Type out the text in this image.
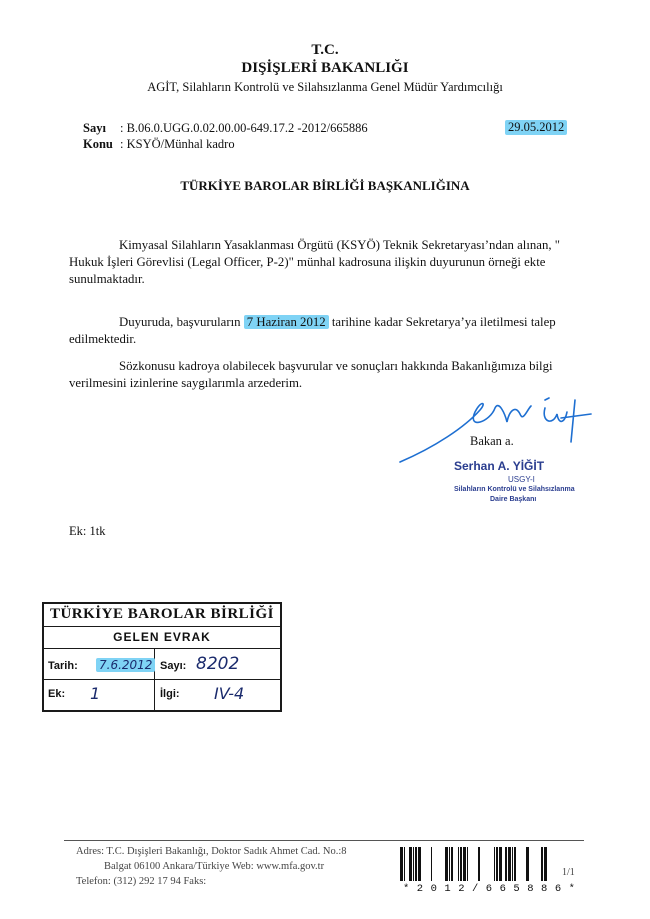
T.C.
DIŞİŞLERİ BAKANLIĞI
AGİT, Silahların Kontrolü ve Silahsızlanma Genel Müdür Yardımcılığı
Sayı : B.06.0.UGG.0.02.00.00-649.17.2 -2012/665886
Konu : KSYÖ/Münhal kadro
29.05.2012
TÜRKİYE BAROLAR BİRLİĞİ BAŞKANLIĞINA
Kimyasal Silahların Yasaklanması Örgütü (KSYÖ) Teknik Sekretaryası’ndan alınan, " Hukuk İşleri Görevlisi (Legal Officer, P-2)" münhal kadrosuna ilişkin duyurunun örneği ekte sunulmaktadır.
Duyuruda, başvuruların 7 Haziran 2012 tarihine kadar Sekretarya’ya iletilmesi talep edilmektedir.
Sözkonusu kadroya olabilecek başvurular ve sonuçları hakkında Bakanlığımıza bilgi verilmesini izinlerine saygılarımla arzederim.
Bakan a.
Serhan A. YİĞİT
USGY-I
Silahların Kontrolü ve Silahsızlanma
Daire Başkanı
Ek: 1tk
TÜRKİYE BAROLAR BİRLİĞİ
GELEN EVRAK
Tarih: 7.6.2012 Sayı: 8202
Ek: 1	İlgi: IV-4
Adres: T.C. Dışişleri Bakanlığı, Doktor Sadık Ahmet Cad. No.:8
Balgat 06100 Ankara/Türkiye Web: www.mfa.gov.tr
Telefon: (312) 292 17 94 Faks:
* 2 0 1 2 / 6 6 5 8 8 6 *
1/1
